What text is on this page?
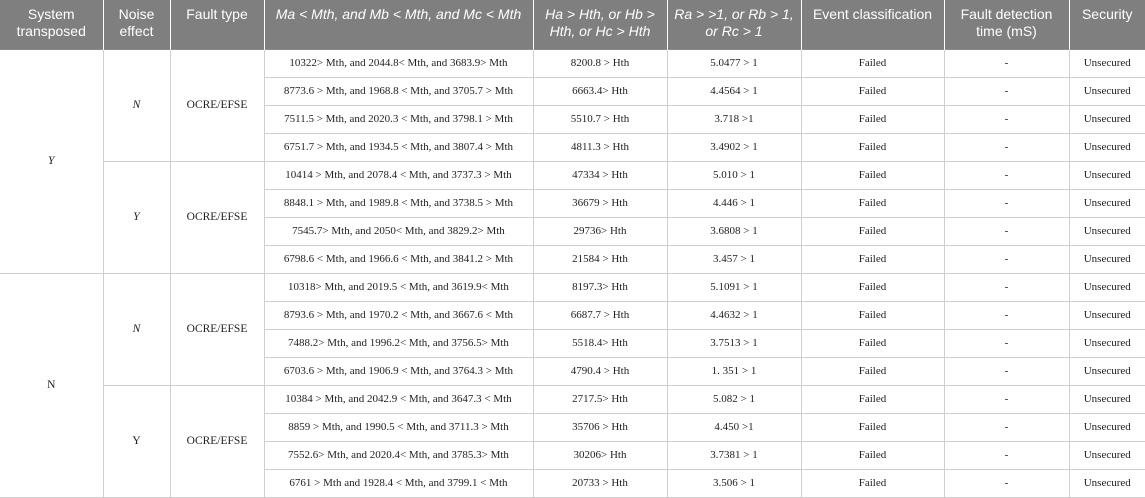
System transposed	Noise effect	Fault type	Ma < Mth, and Mb < Mth, and Mc < Mth	Ha > Hth, or Hb > Hth, or Hc > Hth	Ra > >1, or Rb > 1, or Rc > 1	Event classification	Fault detection time (mS)	Security

Y	N	OCRE/EFSE	10322> Mth, and 2044.8< Mth, and 3683.9> Mth	8200.8 > Hth	5.0477 > 1	Failed	-	Unsecured
			8773.6 > Mth, and 1968.8 < Mth, and 3705.7 > Mth	6663.4> Hth	4.4564 > 1	Failed	-	Unsecured
			7511.5 > Mth, and 2020.3 < Mth, and 3798.1 > Mth	5510.7 > Hth	3.718 >1	Failed	-	Unsecured
			6751.7 > Mth, and 1934.5 < Mth, and 3807.4 > Mth	4811.3 > Hth	3.4902 > 1	Failed	-	Unsecured
	Y	OCRE/EFSE	10414 > Mth, and 2078.4 < Mth, and 3737.3 > Mth	47334 > Hth	5.010 > 1	Failed	-	Unsecured
			8848.1 > Mth, and 1989.8 < Mth, and 3738.5 > Mth	36679 > Hth	4.446 > 1	Failed	-	Unsecured
			7545.7> Mth, and 2050< Mth, and 3829.2> Mth	29736> Hth	3.6808 > 1	Failed	-	Unsecured
			6798.6 < Mth, and 1966.6 < Mth, and 3841.2 > Mth	21584 > Hth	3.457 > 1	Failed	-	Unsecured
N	N	OCRE/EFSE	10318> Mth, and 2019.5 < Mth, and 3619.9< Mth	8197.3> Hth	5.1091 > 1	Failed	-	Unsecured
			8793.6 > Mth, and 1970.2 < Mth, and 3667.6 < Mth	6687.7 > Hth	4.4632 > 1	Failed	-	Unsecured
			7488.2> Mth, and 1996.2< Mth, and 3756.5> Mth	5518.4> Hth	3.7513 > 1	Failed	-	Unsecured
			6703.6 > Mth, and 1906.9 < Mth, and 3764.3 > Mth	4790.4 > Hth	1. 351 > 1	Failed	-	Unsecured
	Y	OCRE/EFSE	10384 > Mth, and 2042.9 < Mth, and 3647.3 < Mth	2717.5> Hth	5.082 > 1	Failed	-	Unsecured
			8859 > Mth, and 1990.5 < Mth, and 3711.3 > Mth	35706 > Hth	4.450 >1	Failed	-	Unsecured
			7552.6> Mth, and 2020.4< Mth, and 3785.3> Mth	30206> Hth	3.7381 > 1	Failed	-	Unsecured
			6761 > Mth and 1928.4 < Mth, and 3799.1 < Mth	20733 > Hth	3.506 > 1	Failed	-	Unsecured
